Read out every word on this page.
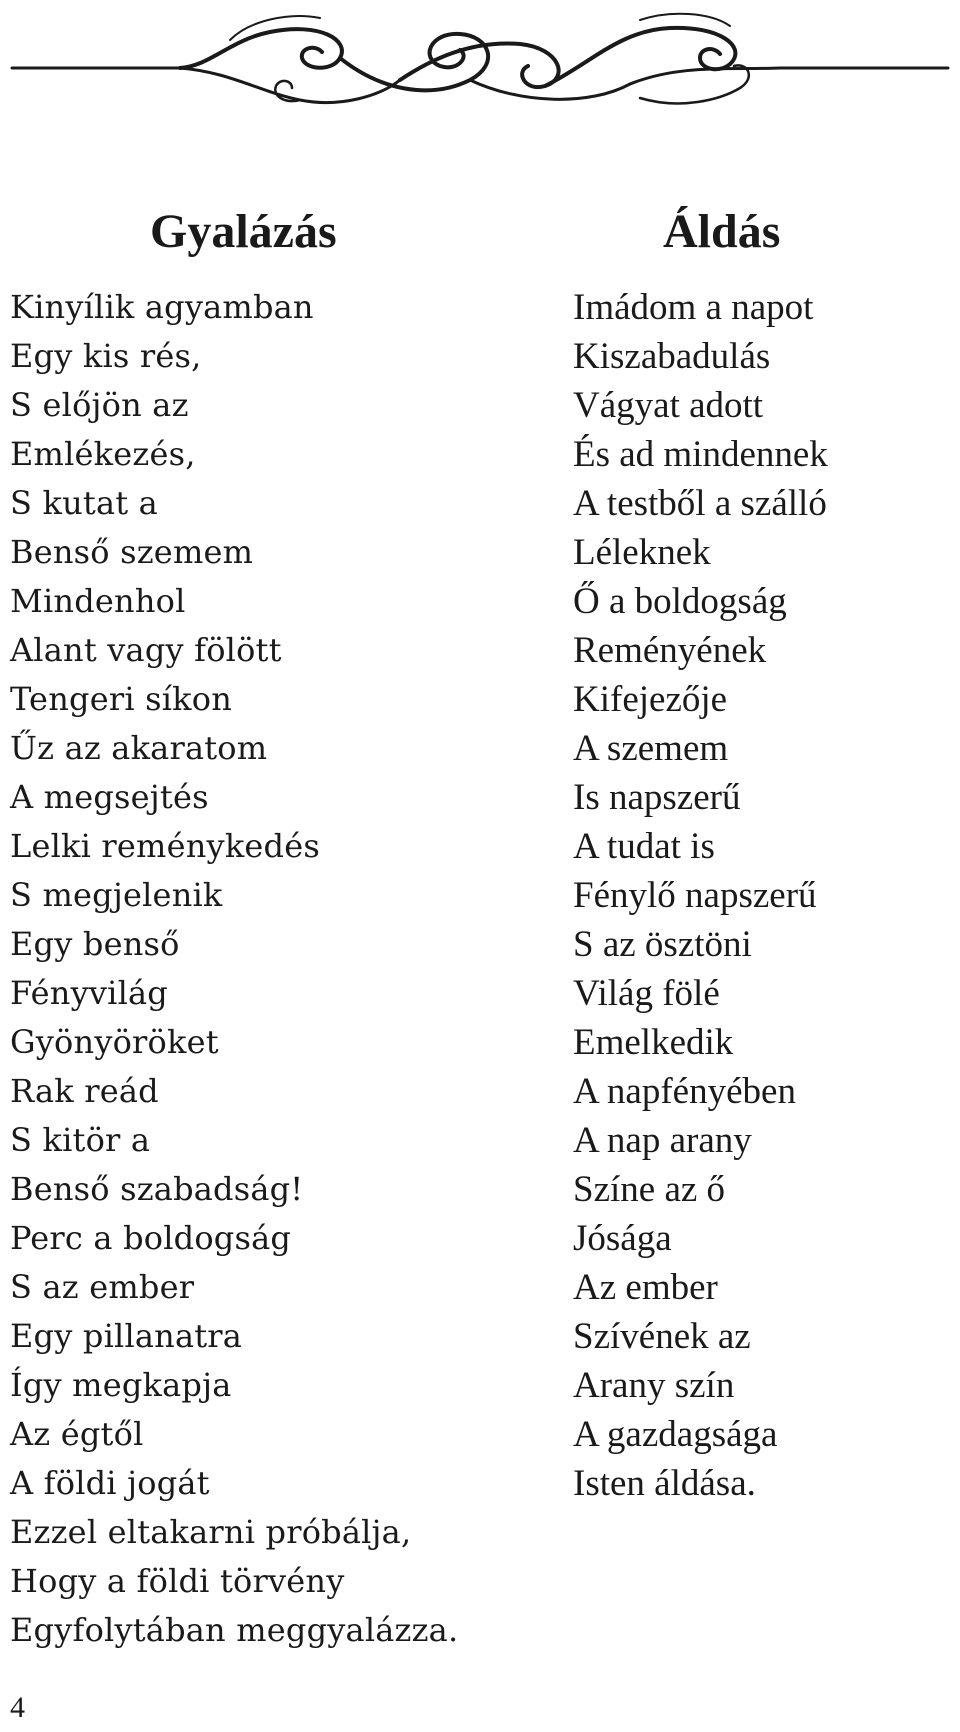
Gyalázás
Kinyílik agyamban
Egy kis rés,
S előjön az
Emlékezés,
S kutat a
Benső szemem
Mindenhol
Alant vagy fölött
Tengeri síkon
Űz az akaratom
A megsejtés
Lelki reménykedés
S megjelenik
Egy benső
Fényvilág
Gyönyöröket
Rak reád
S kitör a
Benső szabadság!
Perc a boldogság
S az ember
Egy pillanatra
Így megkapja
Az égtől
A földi jogát
Ezzel eltakarni próbálja,
Hogy a földi törvény
Egyfolytában meggyalázza.
Áldás
Imádom a napot
Kiszabadulás
Vágyat adott
És ad mindennek
A testből a szálló
Léleknek
Ő a boldogság
Reményének
Kifejezője
A szemem
Is napszerű
A tudat is
Fénylő napszerű
S az ösztöni
Világ fölé
Emelkedik
A napfényében
A nap arany
Színe az ő
Jósága
Az ember
Szívének az
Arany szín
A gazdagsága
Isten áldása.
4
